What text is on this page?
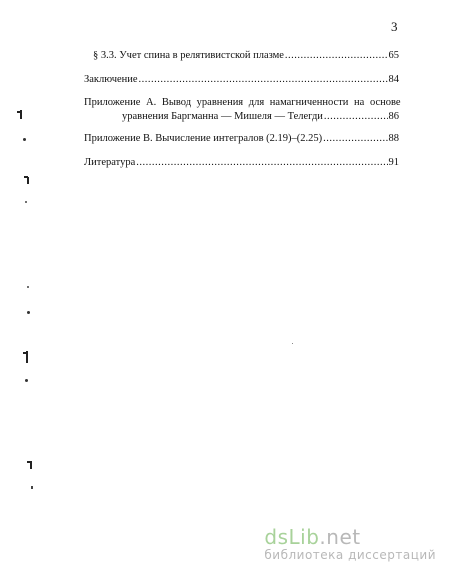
3
§ 3.3. Учет спина в релятивистской плазме .....	65
Заключение .....	84
Приложение А. Вывод уравнения для намагниченности на основе
уравнения Баргманна — Мишеля — Телегди .....	86
Приложение В. Вычисление интегралов (2.19)–(2.25) .....	88
Литература .....	91
dsLib.net
библиотека диссертаций
